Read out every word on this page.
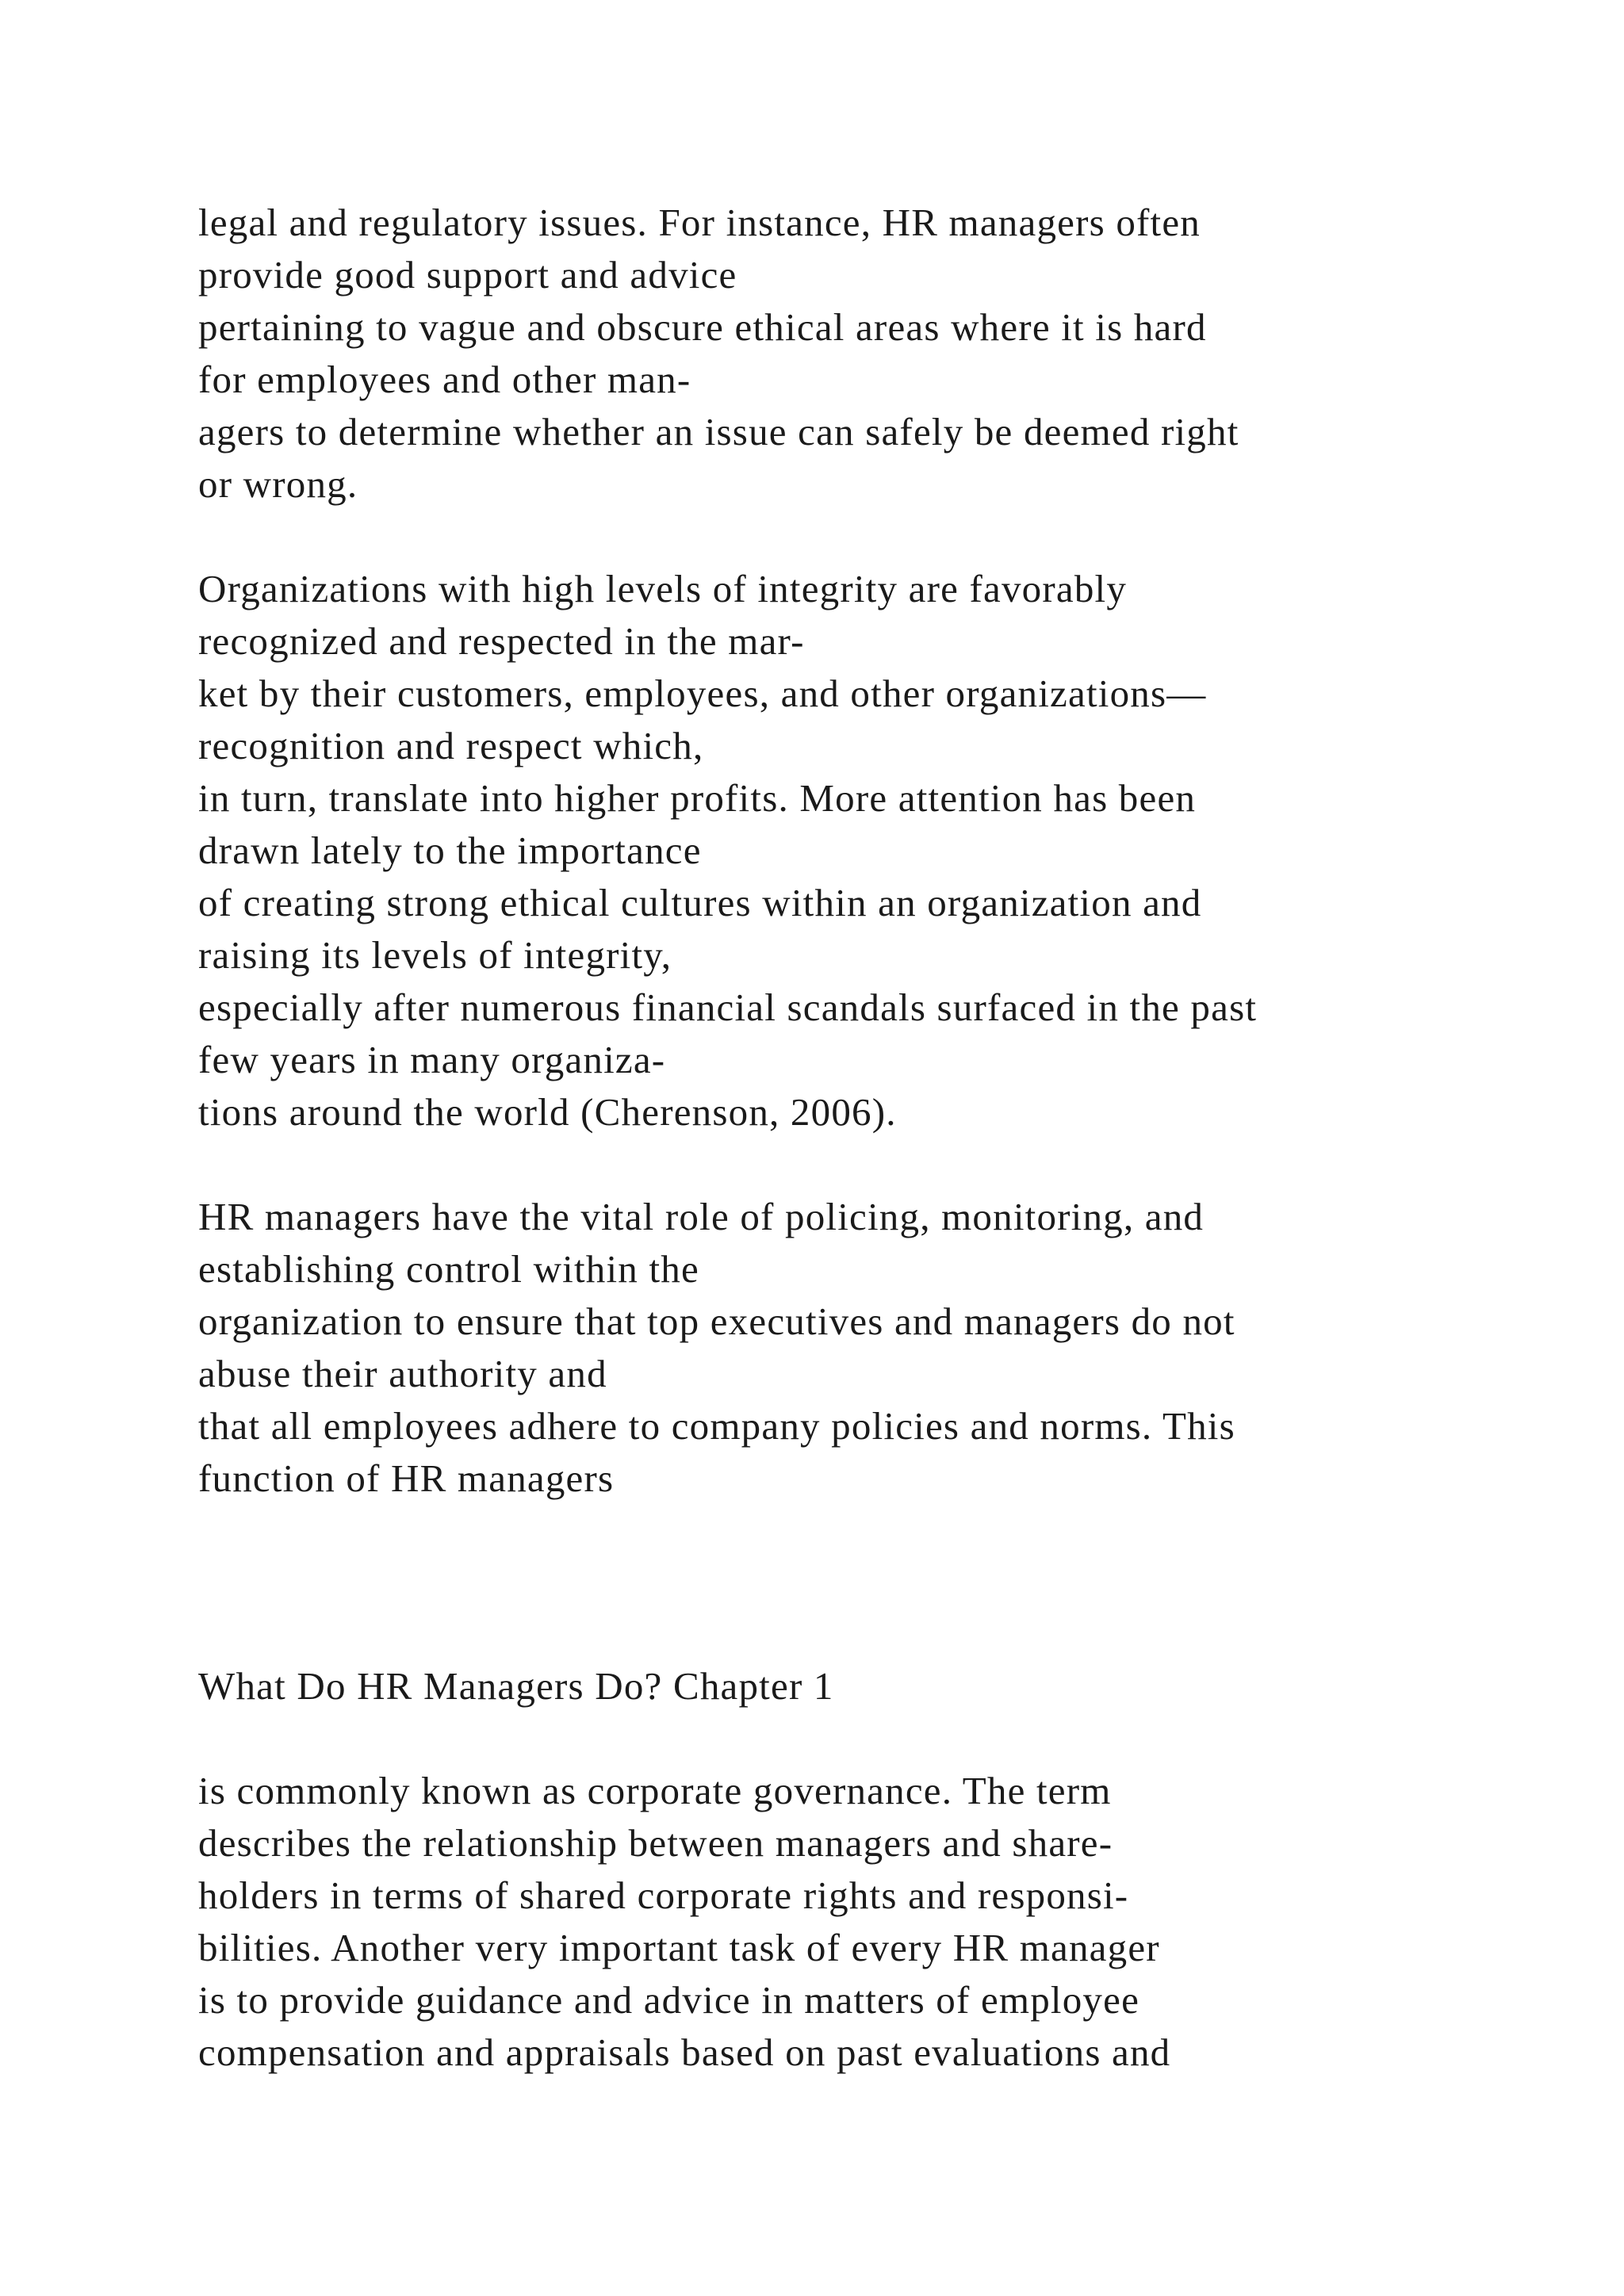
legal and regulatory issues. For instance, HR managers often
provide good support and advice
pertaining to vague and obscure ethical areas where it is hard
for employees and other man-
agers to determine whether an issue can safely be deemed right
or wrong.
Organizations with high levels of integrity are favorably
recognized and respected in the mar-
ket by their customers, employees, and other organizations—
recognition and respect which,
in turn, translate into higher profits. More attention has been
drawn lately to the importance
of creating strong ethical cultures within an organization and
raising its levels of integrity,
especially after numerous financial scandals surfaced in the past
few years in many organiza-
tions around the world (Cherenson, 2006).
HR managers have the vital role of policing, monitoring, and
establishing control within the
organization to ensure that top executives and managers do not
abuse their authority and
that all employees adhere to company policies and norms. This
function of HR managers
What Do HR Managers Do? Chapter 1
is commonly known as corporate governance. The term
describes the relationship between managers and share-
holders in terms of shared corporate rights and responsi-
bilities. Another very important task of every HR manager
is to provide guidance and advice in matters of employee
compensation and appraisals based on past evaluations and
